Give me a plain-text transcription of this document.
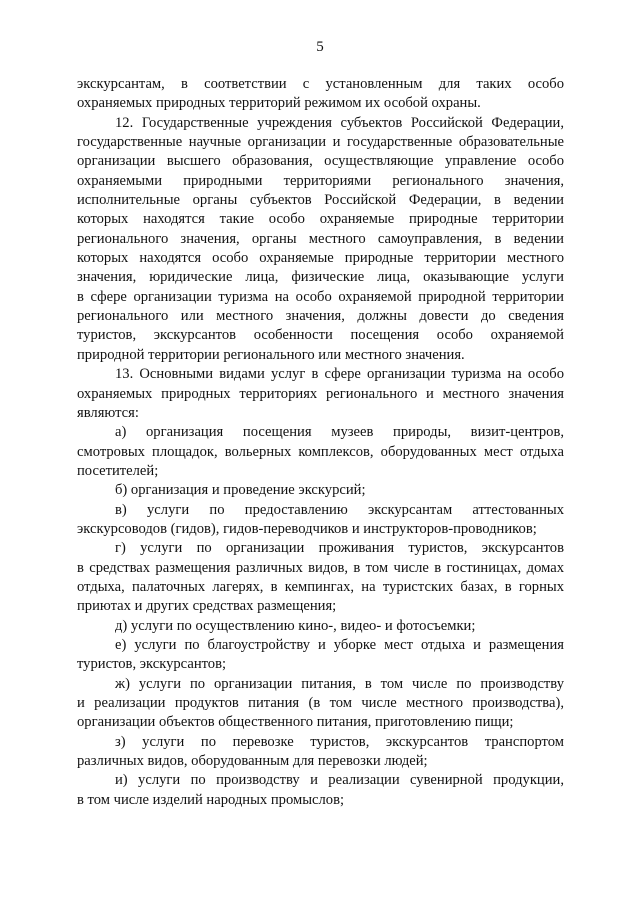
5
экскурсантам, в соответствии с установленным для таких особо
охраняемых природных территорий режимом их особой охраны.
12. Государственные учреждения субъектов Российской Федерации,
государственные научные организации и государственные образовательные
организации высшего образования, осуществляющие управление особо
охраняемыми природными территориями регионального значения,
исполнительные органы субъектов Российской Федерации, в ведении
которых находятся такие особо охраняемые природные территории
регионального значения, органы местного самоуправления, в ведении
которых находятся особо охраняемые природные территории местного
значения, юридические лица, физические лица, оказывающие услуги
в сфере организации туризма на особо охраняемой природной территории
регионального или местного значения, должны довести до сведения
туристов, экскурсантов особенности посещения особо охраняемой
природной территории регионального или местного значения.
13. Основными видами услуг в сфере организации туризма на особо
охраняемых природных территориях регионального и местного значения
являются:
а) организация посещения музеев природы, визит-центров,
смотровых площадок, вольерных комплексов, оборудованных мест отдыха
посетителей;
б) организация и проведение экскурсий;
в) услуги по предоставлению экскурсантам аттестованных
экскурсоводов (гидов), гидов-переводчиков и инструкторов-проводников;
г) услуги по организации проживания туристов, экскурсантов
в средствах размещения различных видов, в том числе в гостиницах, домах
отдыха, палаточных лагерях, в кемпингах, на туристских базах, в горных
приютах и других средствах размещения;
д) услуги по осуществлению кино-, видео- и фотосъемки;
е) услуги по благоустройству и уборке мест отдыха и размещения
туристов, экскурсантов;
ж) услуги по организации питания, в том числе по производству
и реализации продуктов питания (в том числе местного производства),
организации объектов общественного питания, приготовлению пищи;
з) услуги по перевозке туристов, экскурсантов транспортом
различных видов, оборудованным для перевозки людей;
и) услуги по производству и реализации сувенирной продукции,
в том числе изделий народных промыслов;
